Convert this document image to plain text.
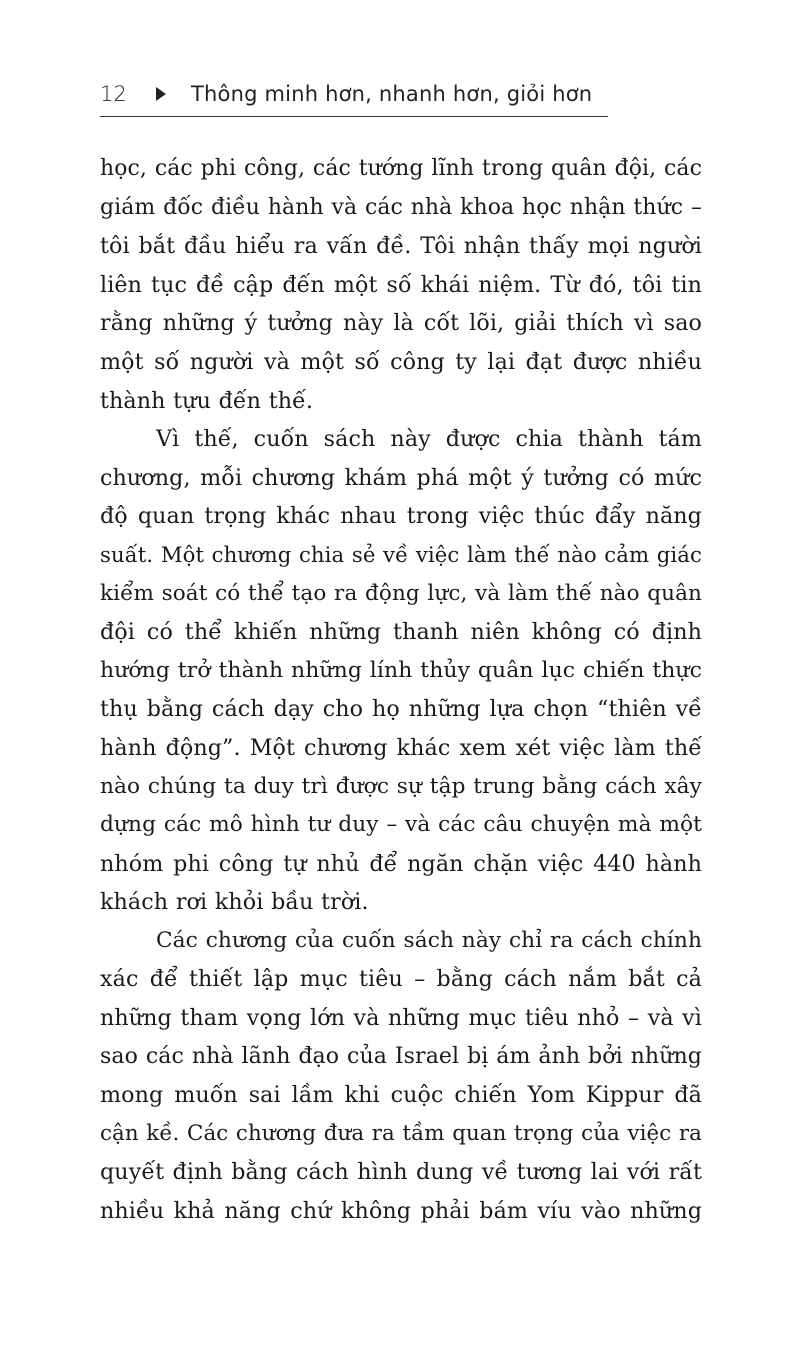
12	Thông minh hơn, nhanh hơn, giỏi hơn
học, các phi công, các tướng lĩnh trong quân đội, các
giám đốc điều hành và các nhà khoa học nhận thức –
tôi bắt đầu hiểu ra vấn đề. Tôi nhận thấy mọi người
liên tục đề cập đến một số khái niệm. Từ đó, tôi tin
rằng những ý tưởng này là cốt lõi, giải thích vì sao
một số người và một số công ty lại đạt được nhiều
thành tựu đến thế.
Vì thế, cuốn sách này được chia thành tám
chương, mỗi chương khám phá một ý tưởng có mức
độ quan trọng khác nhau trong việc thúc đẩy năng
suất. Một chương chia sẻ về việc làm thế nào cảm giác
kiểm soát có thể tạo ra động lực, và làm thế nào quân
đội có thể khiến những thanh niên không có định
hướng trở thành những lính thủy quân lục chiến thực
thụ bằng cách dạy cho họ những lựa chọn “thiên về
hành động”. Một chương khác xem xét việc làm thế
nào chúng ta duy trì được sự tập trung bằng cách xây
dựng các mô hình tư duy – và các câu chuyện mà một
nhóm phi công tự nhủ để ngăn chặn việc 440 hành
khách rơi khỏi bầu trời.
Các chương của cuốn sách này chỉ ra cách chính
xác để thiết lập mục tiêu – bằng cách nắm bắt cả
những tham vọng lớn và những mục tiêu nhỏ – và vì
sao các nhà lãnh đạo của Israel bị ám ảnh bởi những
mong muốn sai lầm khi cuộc chiến Yom Kippur đã
cận kề. Các chương đưa ra tầm quan trọng của việc ra
quyết định bằng cách hình dung về tương lai với rất
nhiều khả năng chứ không phải bám víu vào những
